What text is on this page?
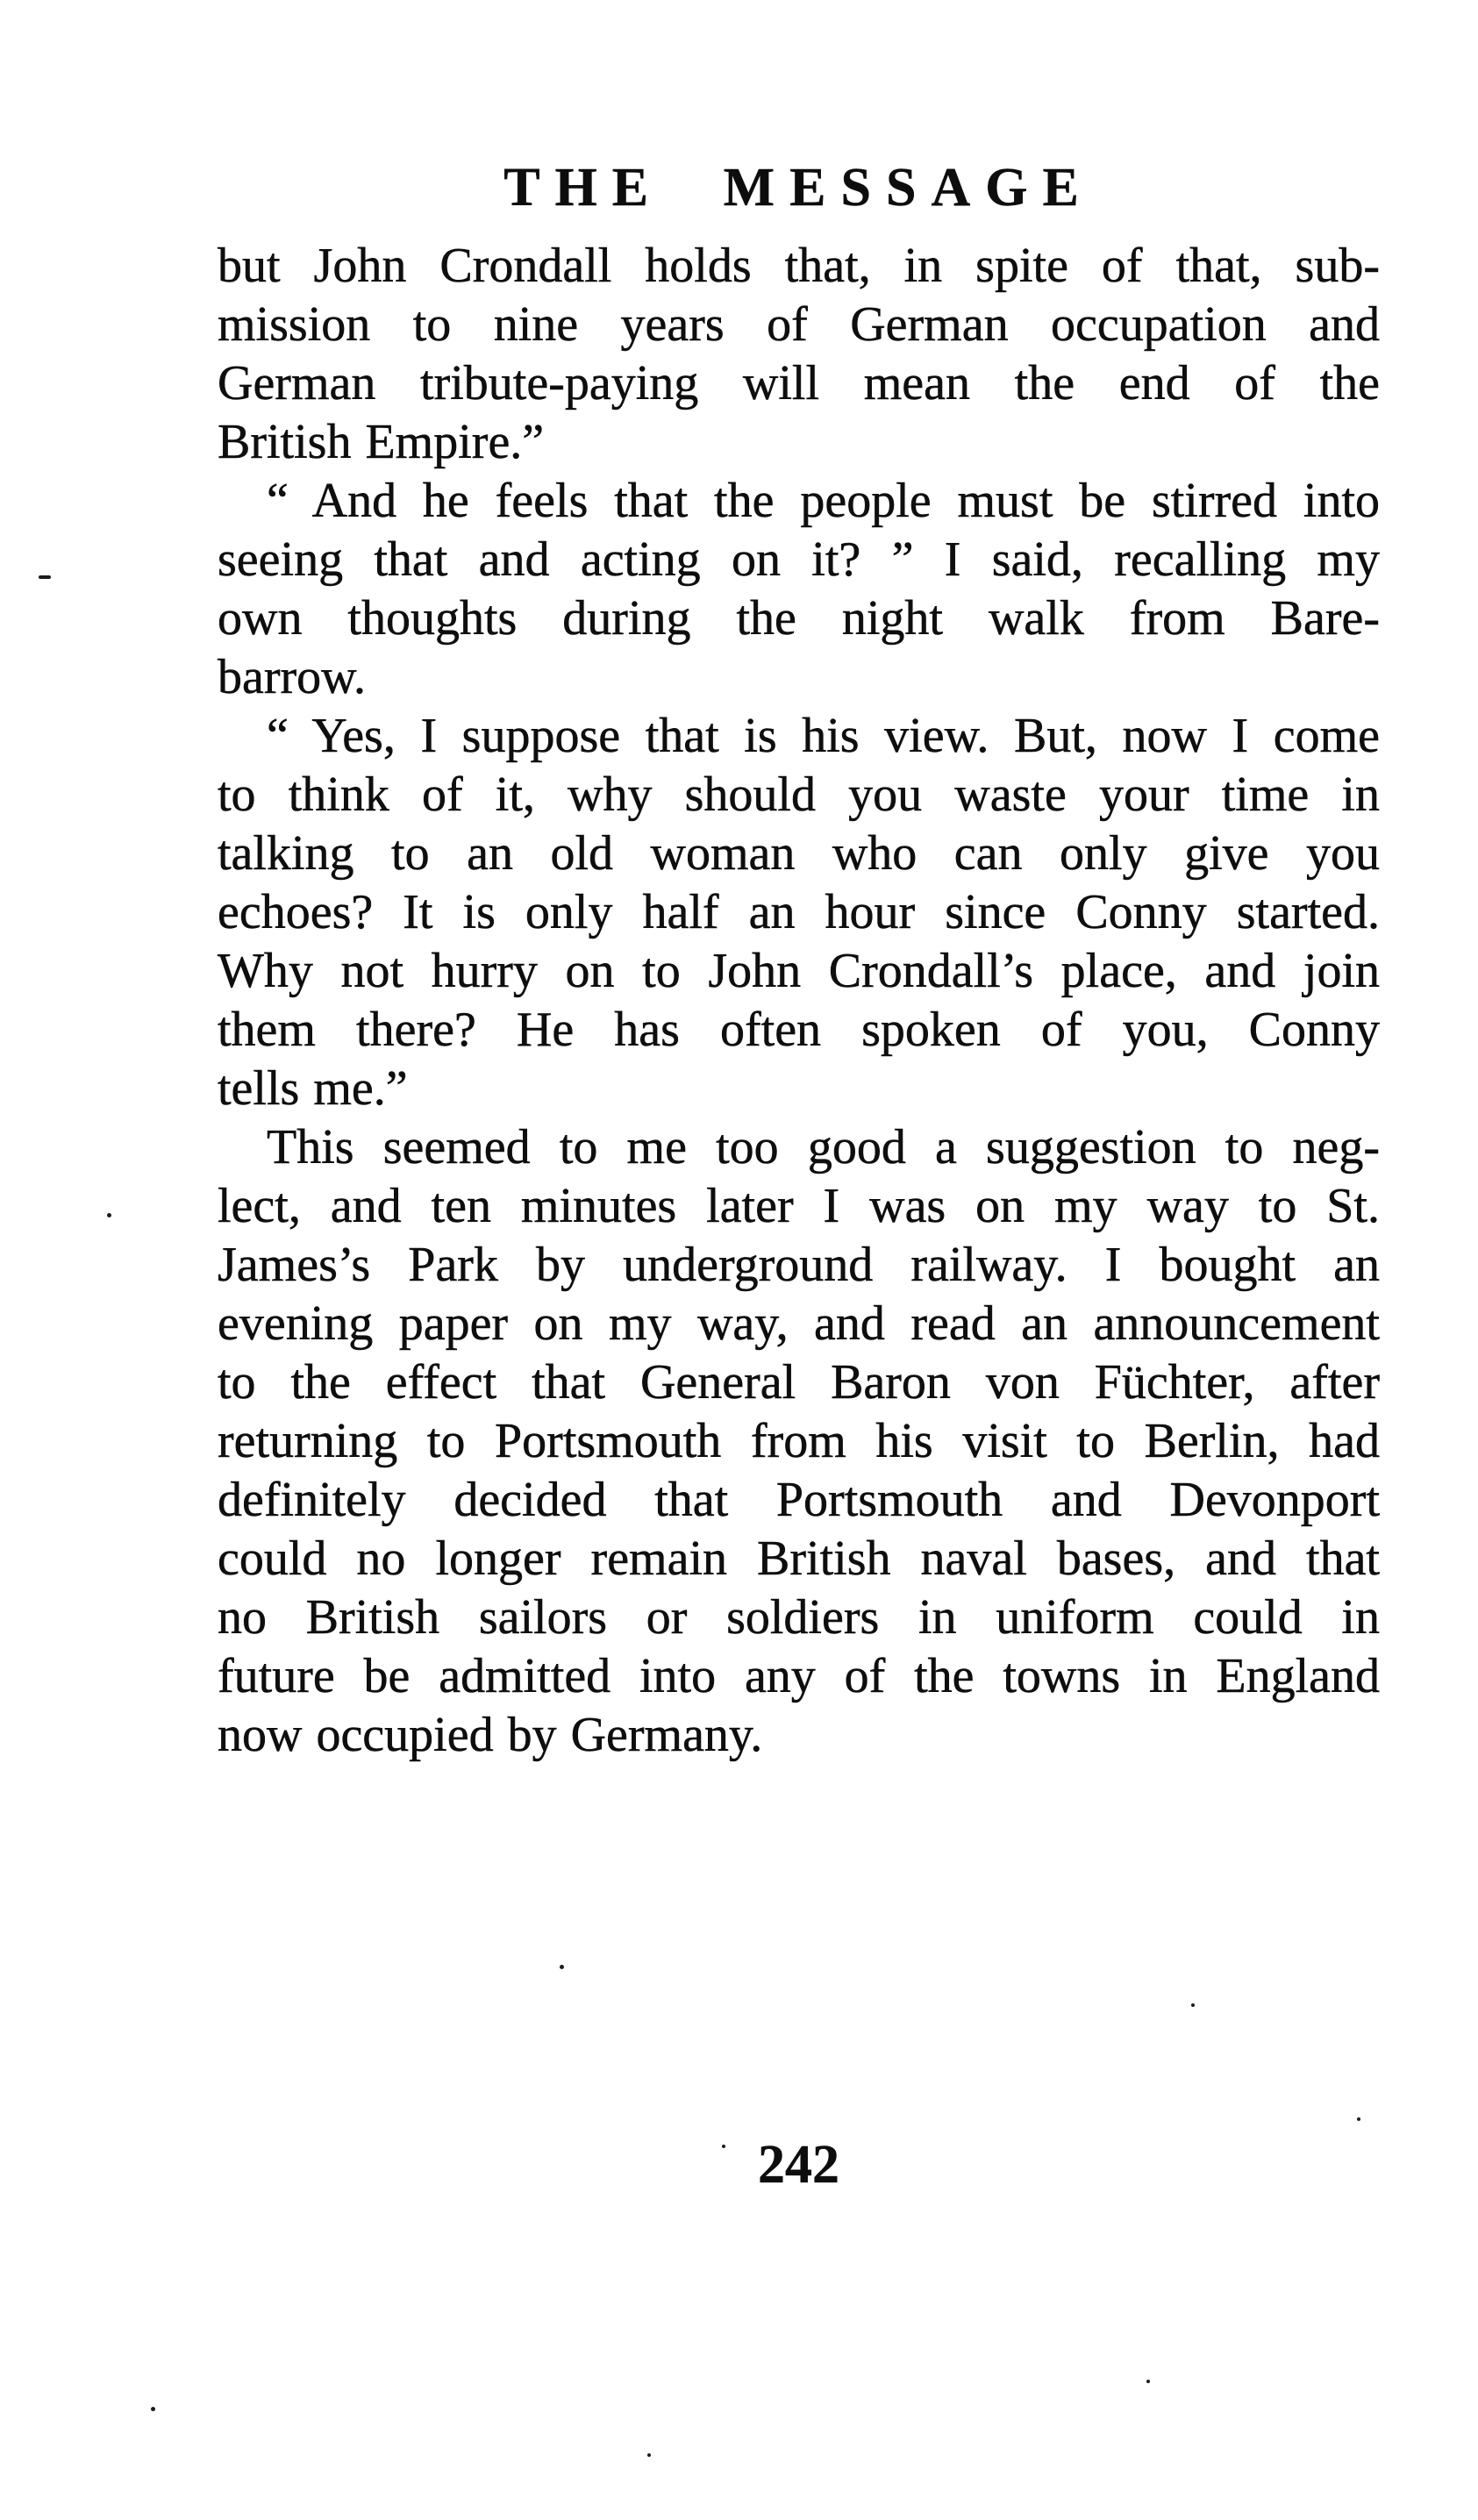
THE MESSAGE
but John Crondall holds that, in spite of that, sub-
mission to nine years of German occupation and
German tribute-paying will mean the end of the
British Empire.”
“ And he feels that the people must be stirred into
seeing that and acting on it? ” I said, recalling my
own thoughts during the night walk from Bare-
barrow.
“ Yes, I suppose that is his view. But, now I come
to think of it, why should you waste your time in
talking to an old woman who can only give you
echoes? It is only half an hour since Conny started.
Why not hurry on to John Crondall’s place, and join
them there? He has often spoken of you, Conny
tells me.”
This seemed to me too good a suggestion to neg-
lect, and ten minutes later I was on my way to St.
James’s Park by underground railway. I bought an
evening paper on my way, and read an announcement
to the effect that General Baron von Füchter, after
returning to Portsmouth from his visit to Berlin, had
definitely decided that Portsmouth and Devonport
could no longer remain British naval bases, and that
no British sailors or soldiers in uniform could in
future be admitted into any of the towns in England
now occupied by Germany.
242
